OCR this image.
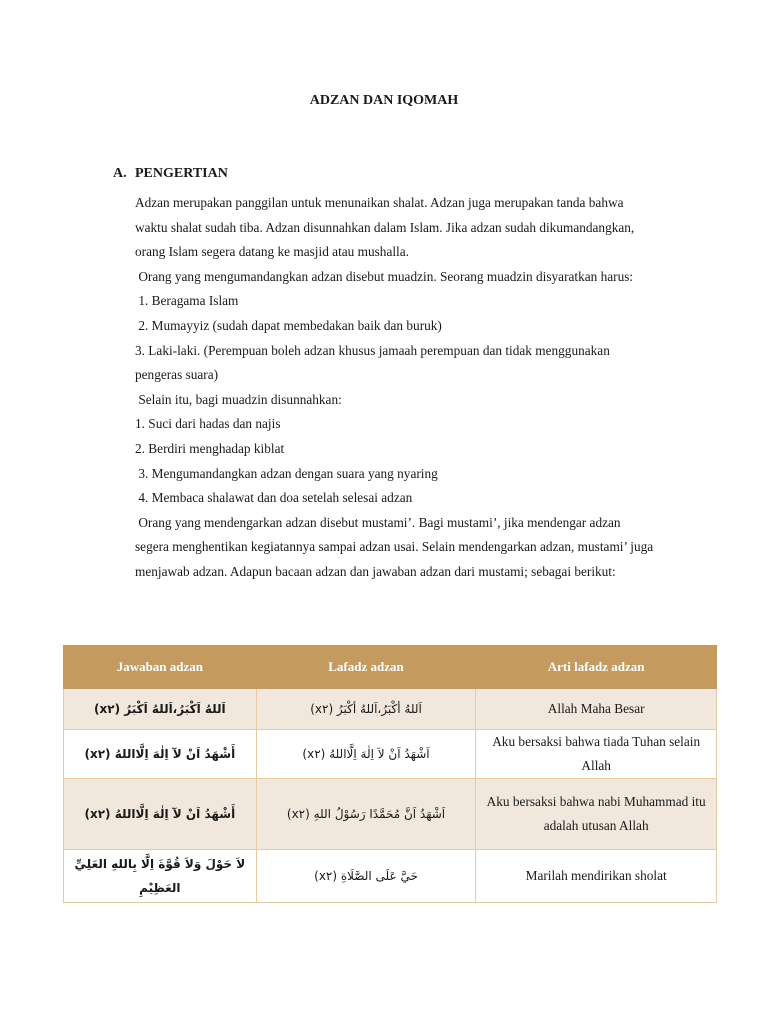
ADZAN DAN IQOMAH
A. PENGERTIAN
Adzan merupakan panggilan untuk menunaikan shalat. Adzan juga merupakan tanda bahwa
waktu shalat sudah tiba. Adzan disunnahkan dalam Islam. Jika adzan sudah dikumandangkan,
orang Islam segera datang ke masjid atau mushalla.
Orang yang mengumandangkan adzan disebut muadzin. Seorang muadzin disyaratkan harus:
1. Beragama Islam
2. Mumayyiz (sudah dapat membedakan baik dan buruk)
3. Laki-laki. (Perempuan boleh adzan khusus jamaah perempuan dan tidak menggunakan
pengeras suara)
Selain itu, bagi muadzin disunnahkan:
1. Suci dari hadas dan najis
2. Berdiri menghadap kiblat
3. Mengumandangkan adzan dengan suara yang nyaring
4. Membaca shalawat dan doa setelah selesai adzan
Orang yang mendengarkan adzan disebut mustami’. Bagi mustami’, jika mendengar adzan
segera menghentikan kegiatannya sampai adzan usai. Selain mendengarkan adzan, mustami’ juga
menjawab adzan. Adapun bacaan adzan dan jawaban adzan dari mustami; sebagai berikut:
Jawaban adzan	Lafadz adzan	Arti lafadz adzan
اَللهُ اَكْبَرُ،اَللهُ اَكْبَرُ (x٢)	اَللهُ أكْبَرُ،اَللهُ أكْبَرُ (x٢)	Allah Maha Besar
أَشْهَدُ اَنْ لآ اِلٰهَ اِلَّااللهُ (x٢)	اَشْهَدُ اَنْ لاَ اِلٰهَ اِلَّااللهُ (x٢)	Aku bersaksi bahwa tiada Tuhan selain Allah
أَشْهَدُ اَنْ لآ اِلٰهَ اِلَّااللهُ (x٢)	اَشْهَدُ اَنَّ مُحَمَّدًا رَسُوْلُ اللهِ (x٢)	Aku bersaksi bahwa nabi Muhammad itu adalah utusan Allah
لاَ حَوْلَ وَلاَ قُوَّةَ اِلَّا بِاللهِ العَلِيِّ العَظِيْمِ	حَيَّ عَلَى الصَّلَاةِ (x٢)	Marilah mendirikan sholat
